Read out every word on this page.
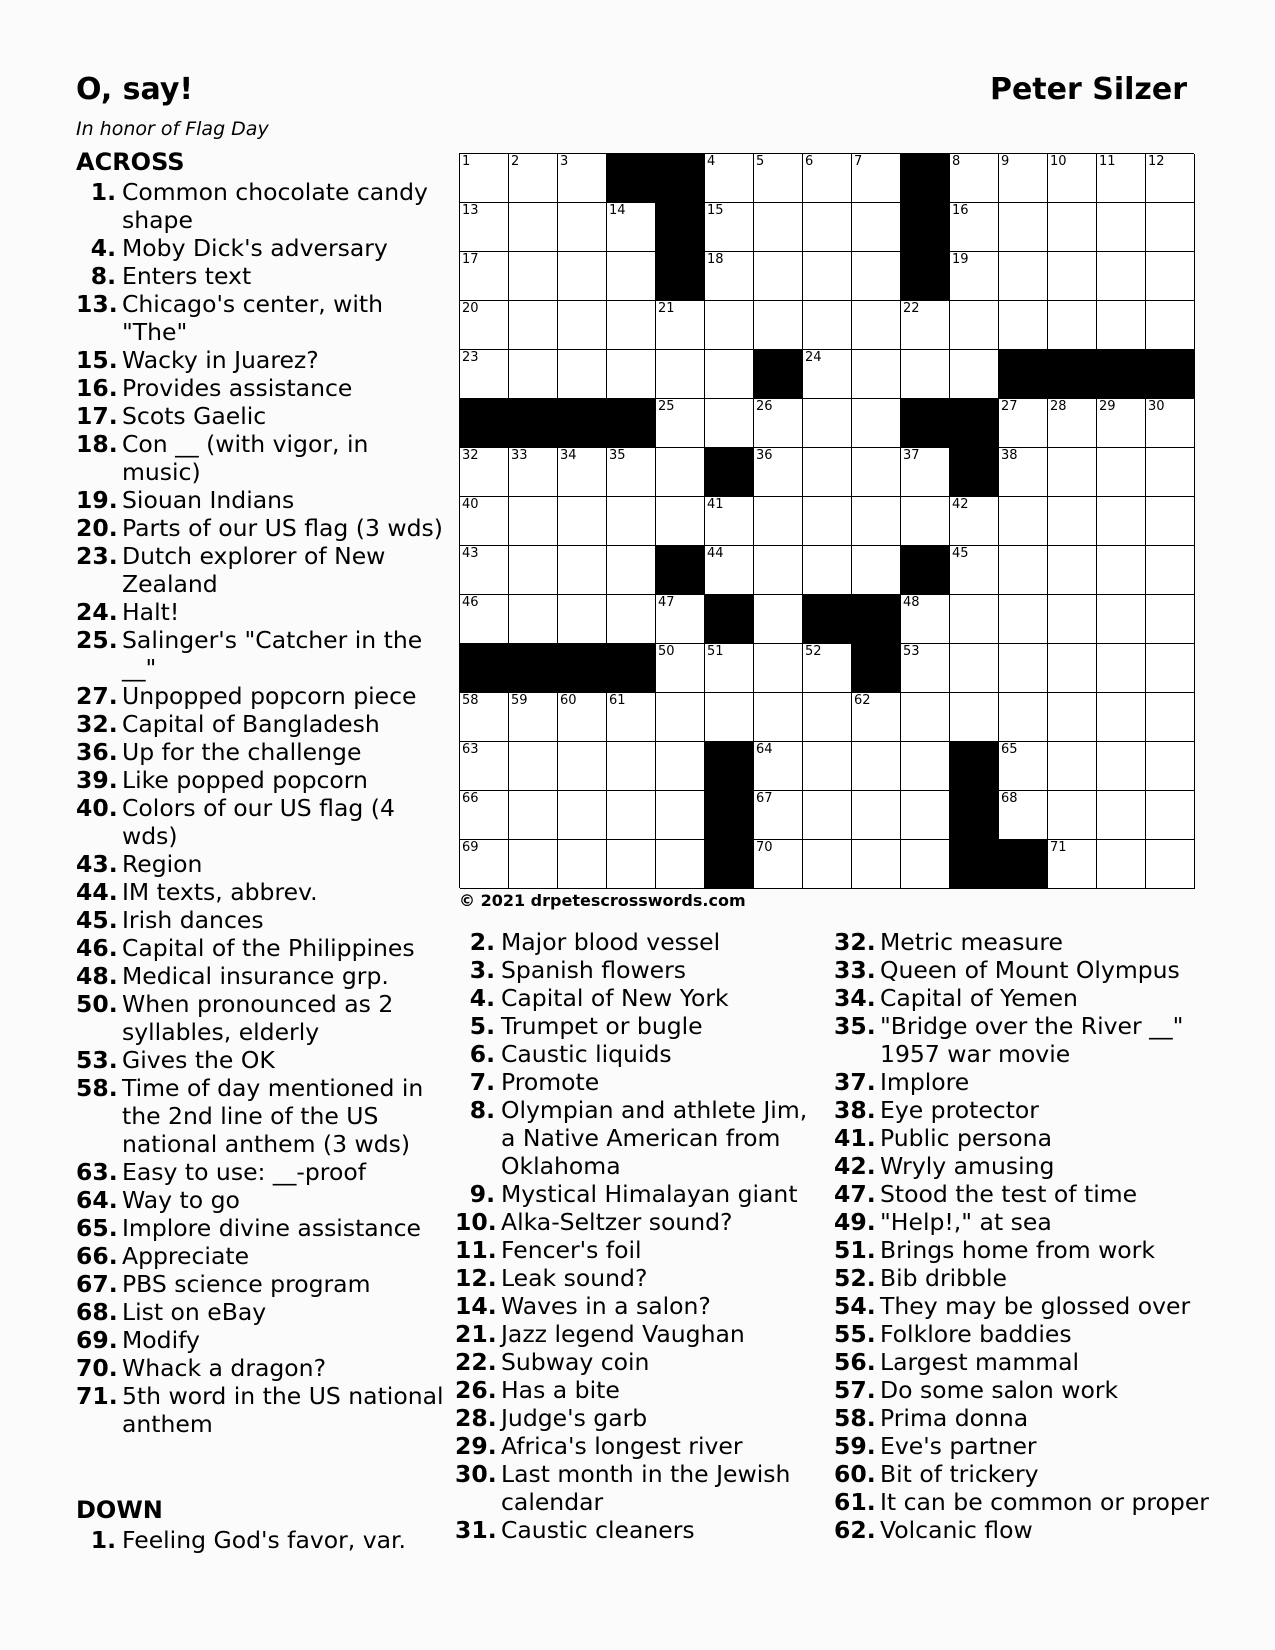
O, say!	Peter Silzer
In honor of Flag Day
ACROSS
1. Common chocolate candy shape
4. Moby Dick's adversary
8. Enters text
13. Chicago's center, with "The"
15. Wacky in Juarez?
16. Provides assistance
17. Scots Gaelic
18. Con __ (with vigor, in music)
19. Siouan Indians
20. Parts of our US flag (3 wds)
23. Dutch explorer of New Zealand
24. Halt!
25. Salinger's "Catcher in the __"
27. Unpopped popcorn piece
32. Capital of Bangladesh
36. Up for the challenge
39. Like popped popcorn
40. Colors of our US flag (4 wds)
43. Region
44. IM texts, abbrev.
45. Irish dances
46. Capital of the Philippines
48. Medical insurance grp.
50. When pronounced as 2 syllables, elderly
53. Gives the OK
58. Time of day mentioned in the 2nd line of the US national anthem (3 wds)
63. Easy to use: __-proof
64. Way to go
65. Implore divine assistance
66. Appreciate
67. PBS science program
68. List on eBay
69. Modify
70. Whack a dragon?
71. 5th word in the US national anthem
DOWN
1. Feeling God's favor, var.
1	2	3	4	5	6	7	8	9	10 11 12
13	14	15	16
17	18	19
20	21	22
23	24
25	26	27 28 29 30
32 33 34 35	36	37	38
40	41	42
43	44	45
46	47	48
50 51	52	53
58 59 60 61	62
63	64	65
66	67	68
69	70	71
© 2021 drpetescrosswords.com
2. Major blood vessel
3. Spanish flowers
4. Capital of New York
5. Trumpet or bugle
6. Caustic liquids
7. Promote
8. Olympian and athlete Jim, a Native American from Oklahoma
9. Mystical Himalayan giant
10. Alka-Seltzer sound?
11. Fencer's foil
12. Leak sound?
14. Waves in a salon?
21. Jazz legend Vaughan
22. Subway coin
26. Has a bite
28. Judge's garb
29. Africa's longest river
30. Last month in the Jewish calendar
31. Caustic cleaners
32. Metric measure
33. Queen of Mount Olympus
34. Capital of Yemen
35. "Bridge over the River __" 1957 war movie
37. Implore
38. Eye protector
41. Public persona
42. Wryly amusing
47. Stood the test of time
49. "Help!," at sea
51. Brings home from work
52. Bib dribble
54. They may be glossed over
55. Folklore baddies
56. Largest mammal
57. Do some salon work
58. Prima donna
59. Eve's partner
60. Bit of trickery
61. It can be common or proper
62. Volcanic flow
